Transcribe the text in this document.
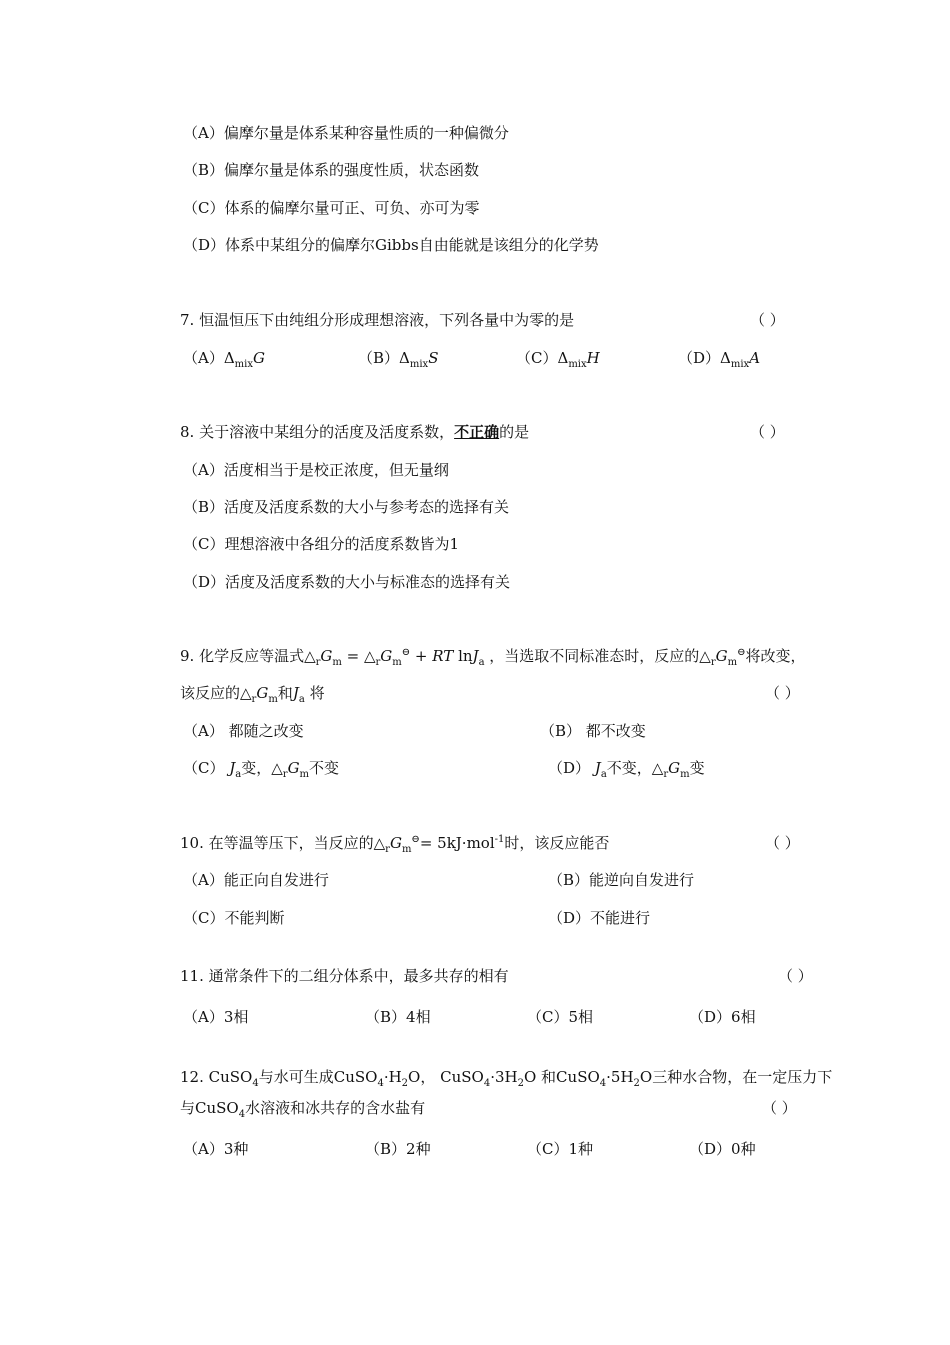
（A）偏摩尔量是体系某种容量性质的一种偏微分
（B）偏摩尔量是体系的强度性质，状态函数
（C）体系的偏摩尔量可正、可负、亦可为零
（D）体系中某组分的偏摩尔Gibbs自由能就是该组分的化学势
7. 恒温恒压下由纯组分形成理想溶液，下列各量中为零的是	（ ）
$(A)\Delta_{mix}G$	$(B)\Delta_{mix}S$	$(C)\Delta_{mix}H$	$(D)\Delta_{mix}A$
8. 关于溶液中某组分的活度及活度系数，不正确的是	（ ）
（A）活度相当于是校正浓度，但无量纲
（B）活度及活度系数的大小与参考态的选择有关
（C）理想溶液中各组分的活度系数皆为1
（D）活度及活度系数的大小与标准态的选择有关
9. 化学反应等温式$\triangle_rG_m$ = $\triangle_rG_m^⊖$ + RT lnJ$_a$ ，当选取不同标准态时，反应的$\triangle_rG_m^⊖$将改变，
该反应的$\triangle_rG_m$和$J_a$ 将	（ ）
（A） 都随之改变	（B） 都不改变
（C） $J_a$变，$\triangle_rG_m$不变	（D） $J_a$不变，$\triangle_rG_m$变
10. 在等温等压下，当反应的$\triangle_rG_m^⊖= 5kJ\cdot mol^{-1}$时，该反应能否	（ ）
（A）能正向自发进行	（B）能逆向自发进行
（C）不能判断	（D）不能进行
11. 通常条件下的二组分体系中，最多共存的相有	（ ）
（A）3相	（B）4相	（C）5相	（D）6相
12. CuSO$_4$与水可生成$CuSO_4\cdot H_2O$， $CuSO_4\cdot 3H_2O$ 和$CuSO_4\cdot 5H_2O$三种水合物，在一定压力下
与CuSO$_4$水溶液和冰共存的含水盐有	（ ）
（A）3种	（B）2种	（C）1种	（D）0种
